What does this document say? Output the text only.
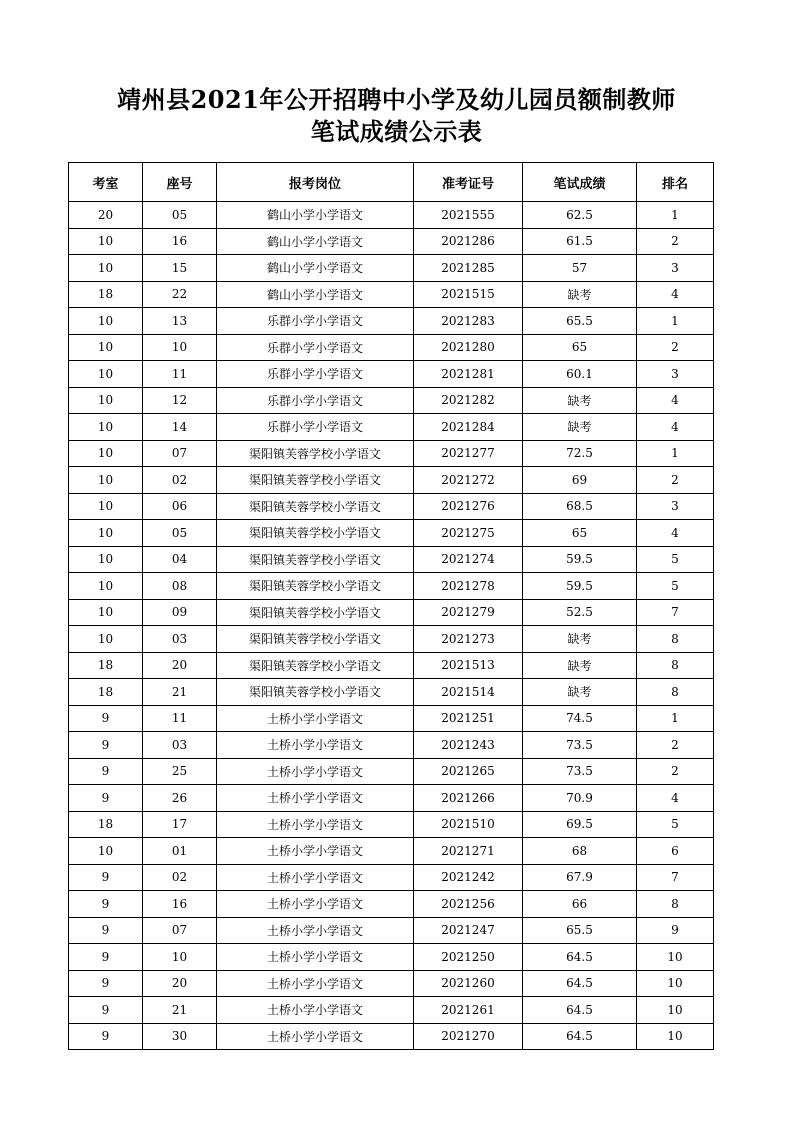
靖州县2021年公开招聘中小学及幼儿园员额制教师
笔试成绩公示表
考室	座号	报考岗位	准考证号	笔试成绩	排名
20	05	鹤山小学小学语文	2021555	62.5	1
10	16	鹤山小学小学语文	2021286	61.5	2
10	15	鹤山小学小学语文	2021285	57	3
18	22	鹤山小学小学语文	2021515	缺考	4
10	13	乐群小学小学语文	2021283	65.5	1
10	10	乐群小学小学语文	2021280	65	2
10	11	乐群小学小学语文	2021281	60.1	3
10	12	乐群小学小学语文	2021282	缺考	4
10	14	乐群小学小学语文	2021284	缺考	4
10	07	渠阳镇芙蓉学校小学语文	2021277	72.5	1
10	02	渠阳镇芙蓉学校小学语文	2021272	69	2
10	06	渠阳镇芙蓉学校小学语文	2021276	68.5	3
10	05	渠阳镇芙蓉学校小学语文	2021275	65	4
10	04	渠阳镇芙蓉学校小学语文	2021274	59.5	5
10	08	渠阳镇芙蓉学校小学语文	2021278	59.5	5
10	09	渠阳镇芙蓉学校小学语文	2021279	52.5	7
10	03	渠阳镇芙蓉学校小学语文	2021273	缺考	8
18	20	渠阳镇芙蓉学校小学语文	2021513	缺考	8
18	21	渠阳镇芙蓉学校小学语文	2021514	缺考	8
9	11	土桥小学小学语文	2021251	74.5	1
9	03	土桥小学小学语文	2021243	73.5	2
9	25	土桥小学小学语文	2021265	73.5	2
9	26	土桥小学小学语文	2021266	70.9	4
18	17	土桥小学小学语文	2021510	69.5	5
10	01	土桥小学小学语文	2021271	68	6
9	02	土桥小学小学语文	2021242	67.9	7
9	16	土桥小学小学语文	2021256	66	8
9	07	土桥小学小学语文	2021247	65.5	9
9	10	土桥小学小学语文	2021250	64.5	10
9	20	土桥小学小学语文	2021260	64.5	10
9	21	土桥小学小学语文	2021261	64.5	10
9	30	土桥小学小学语文	2021270	64.5	10
